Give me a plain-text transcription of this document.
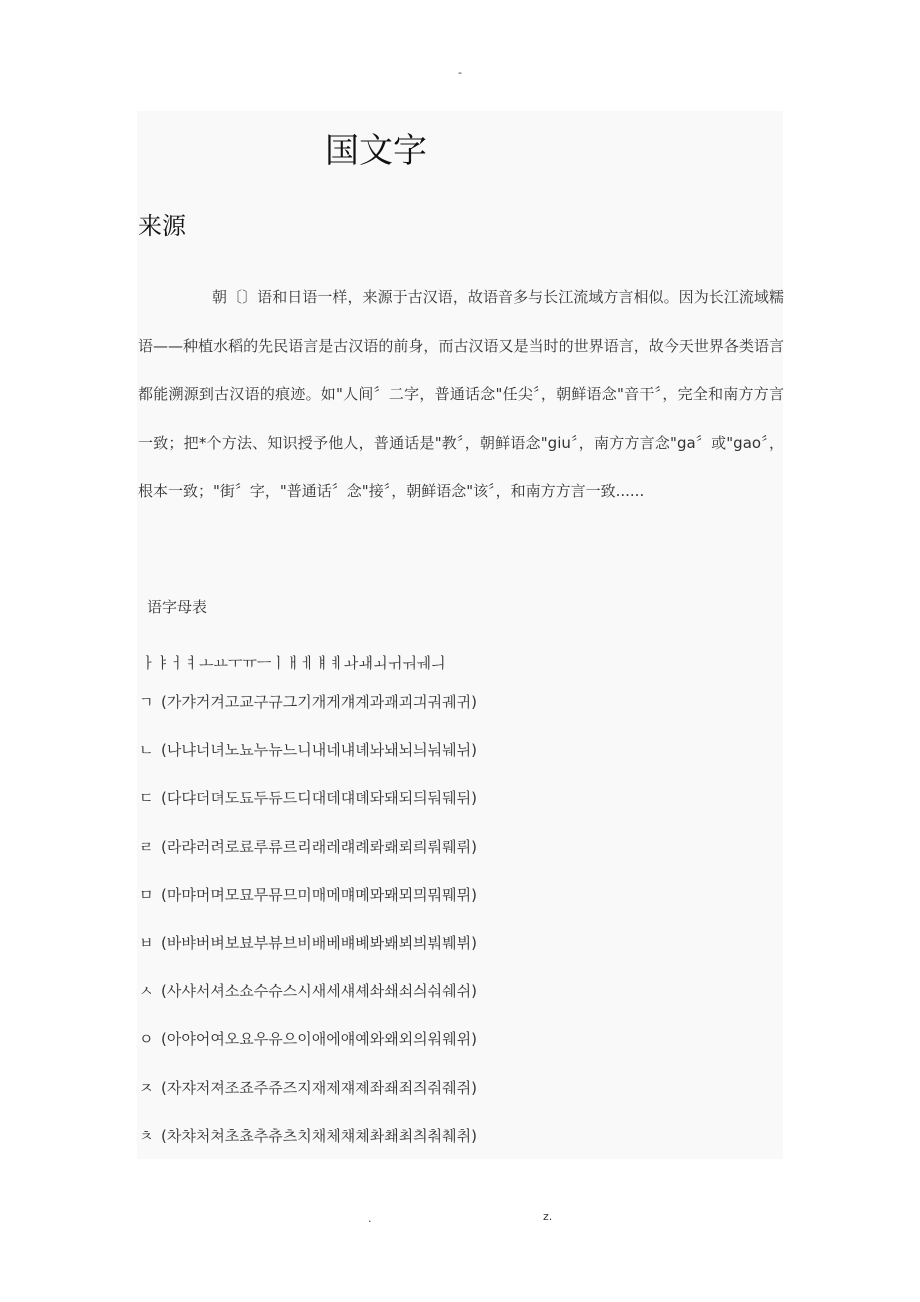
-
国文字
来源

朝〔〕语和日语一样，来源于古汉语，故语音多与长江流域方言相似。因为长江流域糯语——种植水稻的先民语言是古汉语的前身，而古汉语又是当时的世界语言，故今天世界各类语言都能溯源到古汉语的痕迹。如"人间〞二字，普通话念"任尖〞，朝鲜语念"音干〞，完全和南方方言一致；把*个方法、知识授予他人，普通话是"教〞，朝鲜语念"giu〞，南方方言念"ga〞或"gao〞，根本一致；"街〞字，"普通话〞念"接〞，朝鲜语念"该〞，和南方方言一致......

语字母表
ㅏㅑㅓㅕㅗㅛㅜㅠㅡㅣㅐㅔㅒㅖㅘㅙㅚㅟㅝㅞㅢ
ㄱ (가갸거겨고교구규그기개게걔계과괘괴긔궈궤귀)
ㄴ (나냐너녀노뇨누뉴느니내네냬녜놔놰뇌늬눠눼뉘)
ㄷ (다댜더뎌도됴두듀드디대데댸뎨돠돼되듸둬뒈뒤)
ㄹ (라랴러려로료루류르리래레럐례롸뢔뢰릐뤄뤠뤼)
ㅁ (마먀머며모묘무뮤므미매메먜몌뫄뫠뫼믜뭐뭬뮈)
ㅂ (바뱌버벼보뵤부뷰브비배베뱨볘봐봬뵈븨붜붸뷔)
ㅅ (사샤서셔소쇼수슈스시새세섀셰솨쇄쇠싀숴쉐쉬)
ㅇ (아야어여오요우유으이애에얘예와왜외의워웨위)
ㅈ (자쟈저져조죠주쥬즈지재제쟤졔좌좨죄즤줘줴쥐)
ㅊ (차챠처쳐초쵸추츄츠치채체챼쳬촤쵀최츼춰췌취)
.	z.
